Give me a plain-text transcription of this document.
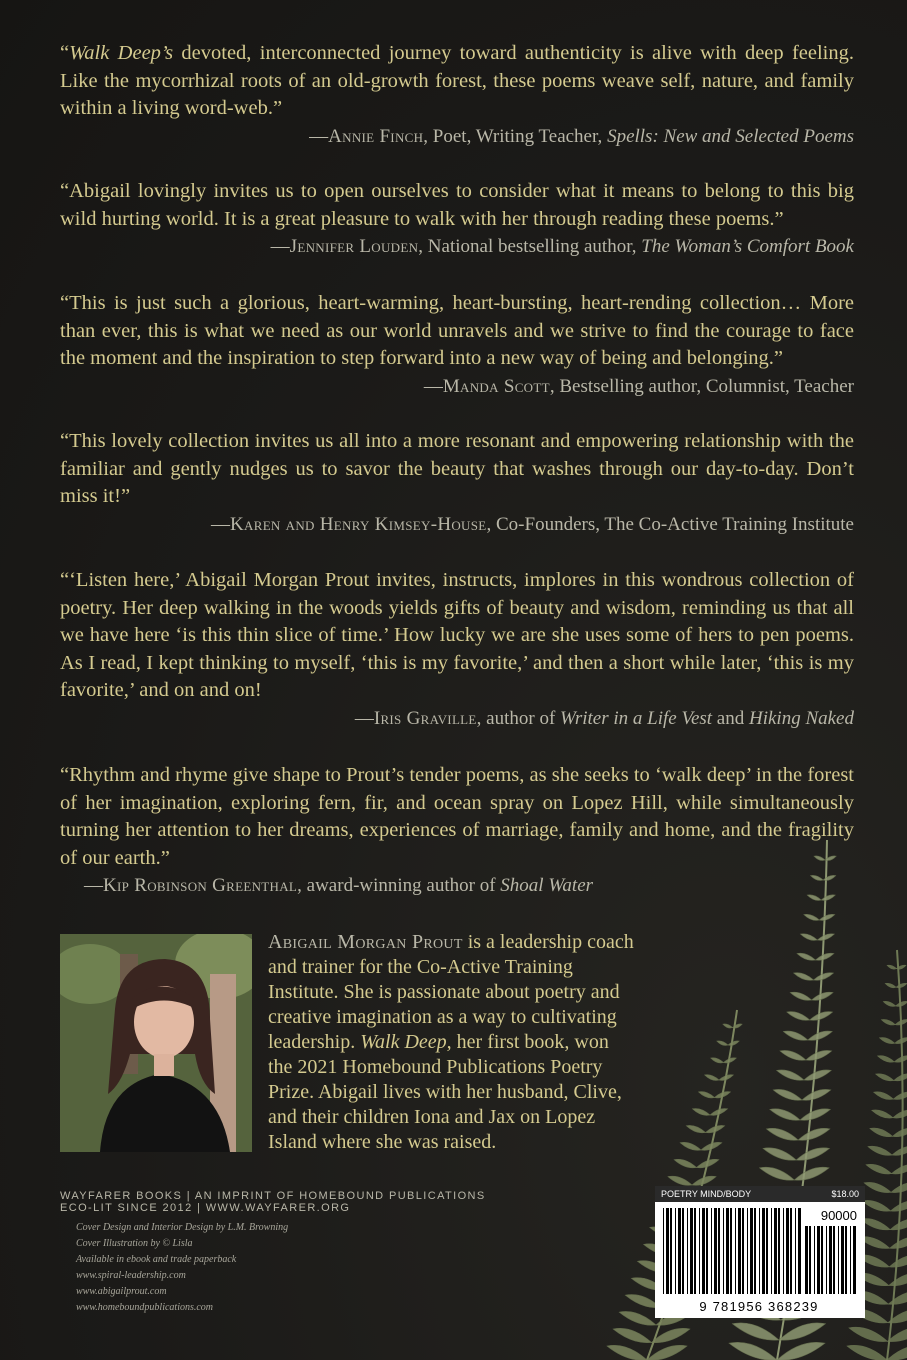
“Walk Deep’s devoted, interconnected journey toward authenticity is alive with deep feeling. Like the mycorrhizal roots of an old-growth forest, these poems weave self, nature, and family within a living word-web.”

—Annie Finch, Poet, Writing Teacher, Spells: New and Selected Poems

“Abigail lovingly invites us to open ourselves to consider what it means to belong to this big wild hurting world. It is a great pleasure to walk with her through reading these poems.”

—Jennifer Louden, National bestselling author, The Woman’s Comfort Book

“This is just such a glorious, heart-warming, heart-bursting, heart-rending collection… More than ever, this is what we need as our world unravels and we strive to find the courage to face the moment and the inspiration to step forward into a new way of being and belonging.”

—Manda Scott, Bestselling author, Columnist, Teacher

“This lovely collection invites us all into a more resonant and empowering relationship with the familiar and gently nudges us to savor the beauty that washes through our day-to-day. Don’t miss it!”

—Karen and Henry Kimsey-House, Co-Founders, The Co-Active Training Institute

“‘Listen here,’ Abigail Morgan Prout invites, instructs, implores in this wondrous collection of poetry. Her deep walking in the woods yields gifts of beauty and wisdom, reminding us that all we have here ‘is this thin slice of time.’ How lucky we are she uses some of hers to pen poems. As I read, I kept thinking to myself, ‘this is my favorite,’ and then a short while later, ‘this is my favorite,’ and on and on!

—Iris Graville, author of Writer in a Life Vest and Hiking Naked

“Rhythm and rhyme give shape to Prout’s tender poems, as she seeks to ‘walk deep’ in the forest of her imagination, exploring fern, fir, and ocean spray on Lopez Hill, while simultaneously turning her attention to her dreams, experiences of marriage, family and home, and the fragility of our earth.”

—Kip Robinson Greenthal, award-winning author of Shoal Water

Abigail Morgan Prout is a leadership coach and trainer for the Co-Active Training Institute. She is passionate about poetry and creative imagination as a way to cultivating leadership. Walk Deep, her first book, won the 2021 Homebound Publications Poetry Prize. Abigail lives with her husband, Clive, and their children Iona and Jax on Lopez Island where she was raised.

WAYFARER BOOKS | AN IMPRINT OF HOMEBOUND PUBLICATIONS
ECO-LIT SINCE 2012 | WWW.WAYFARER.ORG
Cover Design and Interior Design by L.M. Browning
Cover Illustration by © Lisla
Available in ebook and trade paperback
www.spiral-leadership.com
www.abigailprout.com
www.homeboundpublications.com
POETRY MIND/BODY	$18.00
90000
9 781956 368239
